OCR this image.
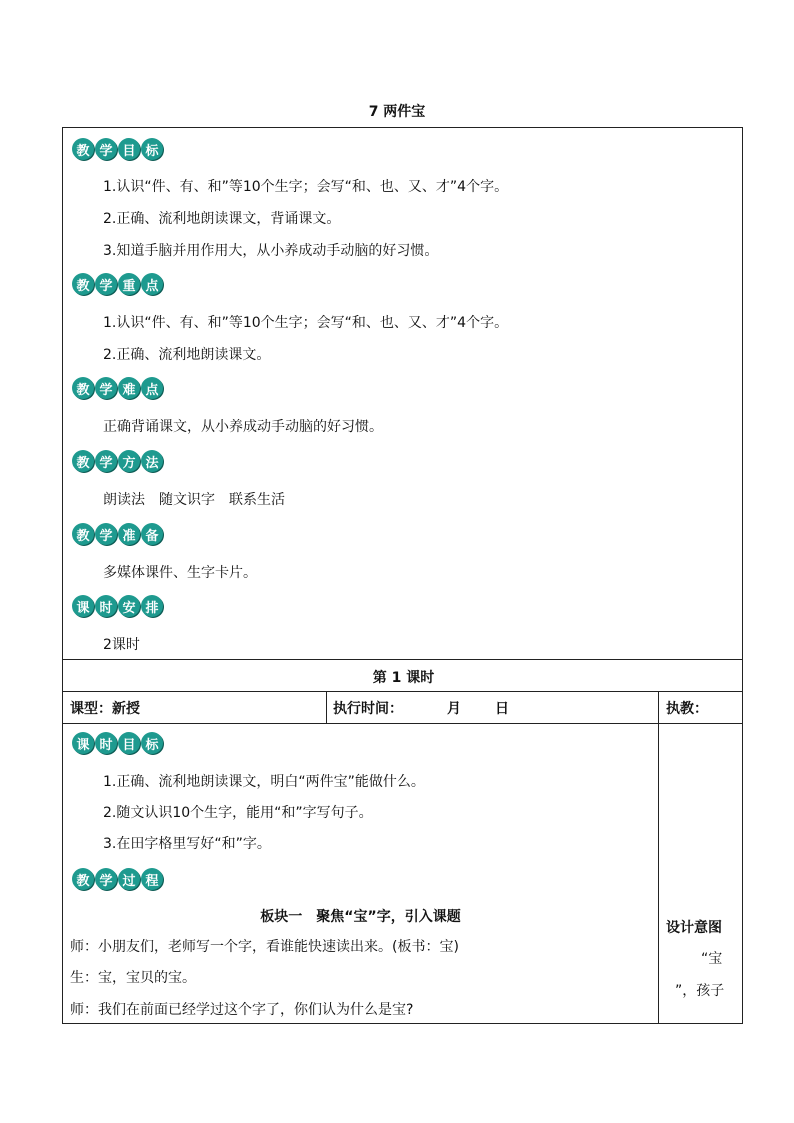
7 两件宝
教 学 目 标
1.认识“件、有、和”等10个生字；会写“和、也、又、才”4个字。
2.正确、流利地朗读课文，背诵课文。
3.知道手脑并用作用大，从小养成动手动脑的好习惯。
教 学 重 点
1.认识“件、有、和”等10个生字；会写“和、也、又、才”4个字。
2.正确、流利地朗读课文。
教 学 难 点
正确背诵课文，从小养成动手动脑的好习惯。
教 学 方 法
朗读法　随文识字　联系生活
教 学 准 备
多媒体课件、生字卡片。
课 时 安 排
2课时
第 1 课时
课型：新授	执行时间：	月 日	执教：
课 时 目 标
1.正确、流利地朗读课文，明白“两件宝”能做什么。
2.随文认识10个生字，能用“和”字写句子。
3.在田字格里写好“和”字。
教 学 过 程
板块一　聚焦“宝”字，引入课题
师：小朋友们，老师写一个字，看谁能快速读出来。(板书：宝)
生：宝，宝贝的宝。
师：我们在前面已经学过这个字了，你们认为什么是宝?
设计意图
“宝
”，孩子
